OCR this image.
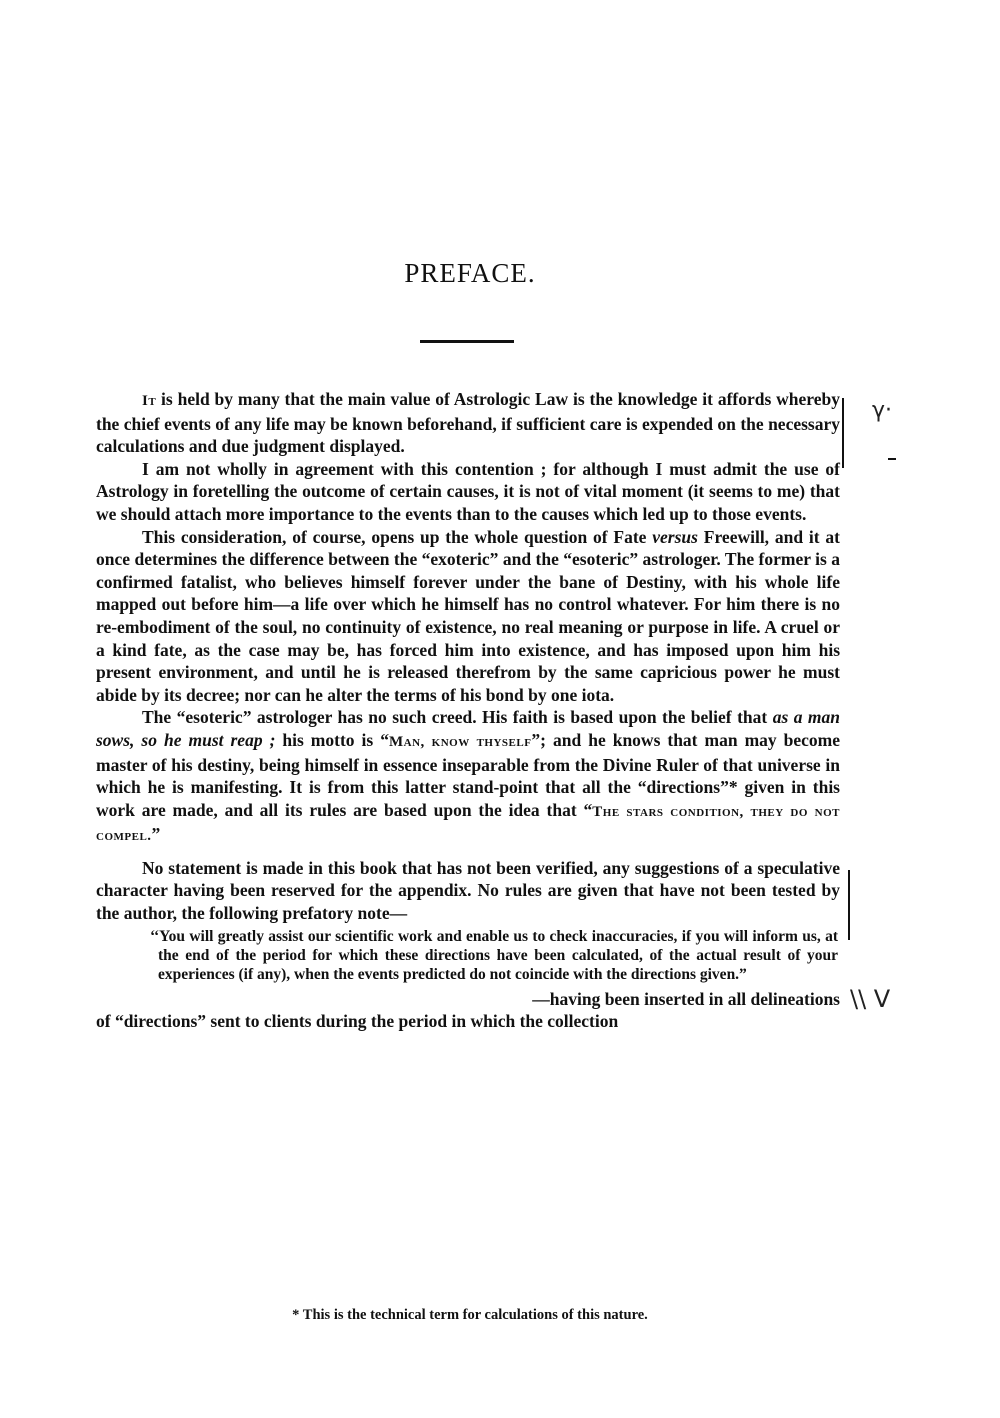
PREFACE.

It is held by many that the main value of Astrologic Law is the knowledge it affords whereby the chief events of any life may be known beforehand, if sufficient care is expended on the necessary calculations and due judgment displayed.

I am not wholly in agreement with this contention ; for although I must admit the use of Astrology in foretelling the outcome of certain causes, it is not of vital moment (it seems to me) that we should attach more importance to the events than to the causes which led up to those events.

This consideration, of course, opens up the whole question of Fate versus Freewill, and it at once determines the difference between the “exoteric” and the “esoteric” astrologer. The former is a confirmed fatalist, who believes himself forever under the bane of Destiny, with his whole life mapped out before him—a life over which he himself has no control whatever. For him there is no re-embodiment of the soul, no continuity of existence, no real meaning or purpose in life. A cruel or a kind fate, as the case may be, has forced him into existence, and has imposed upon him his present environment, and until he is released therefrom by the same capricious power he must abide by its decree; nor can he alter the terms of his bond by one iota.

The “esoteric” astrologer has no such creed. His faith is based upon the belief that as a man sows, so he must reap ; his motto is “Man, know thyself”; and he knows that man may become master of his destiny, being himself in essence inseparable from the Divine Ruler of that universe in which he is manifesting. It is from this latter stand-point that all the “directions”* given in this work are made, and all its rules are based upon the idea that “The stars condition, they do not compel.”

No statement is made in this book that has not been verified, any suggestions of a speculative character having been reserved for the appendix. No rules are given that have not been tested by the author, the following prefatory note—

‘‘You will greatly assist our scientific work and enable us to check inaccuracies, if you will inform us, at the end of the period for which these directions have been calculated, of the actual result of your experiences (if any), when the events predicted do not coincide with the directions given.”

—having been inserted in all delineations

of “directions” sent to clients during the period in which the collection

* This is the technical term for calculations of this nature.
γ·
\\ V
